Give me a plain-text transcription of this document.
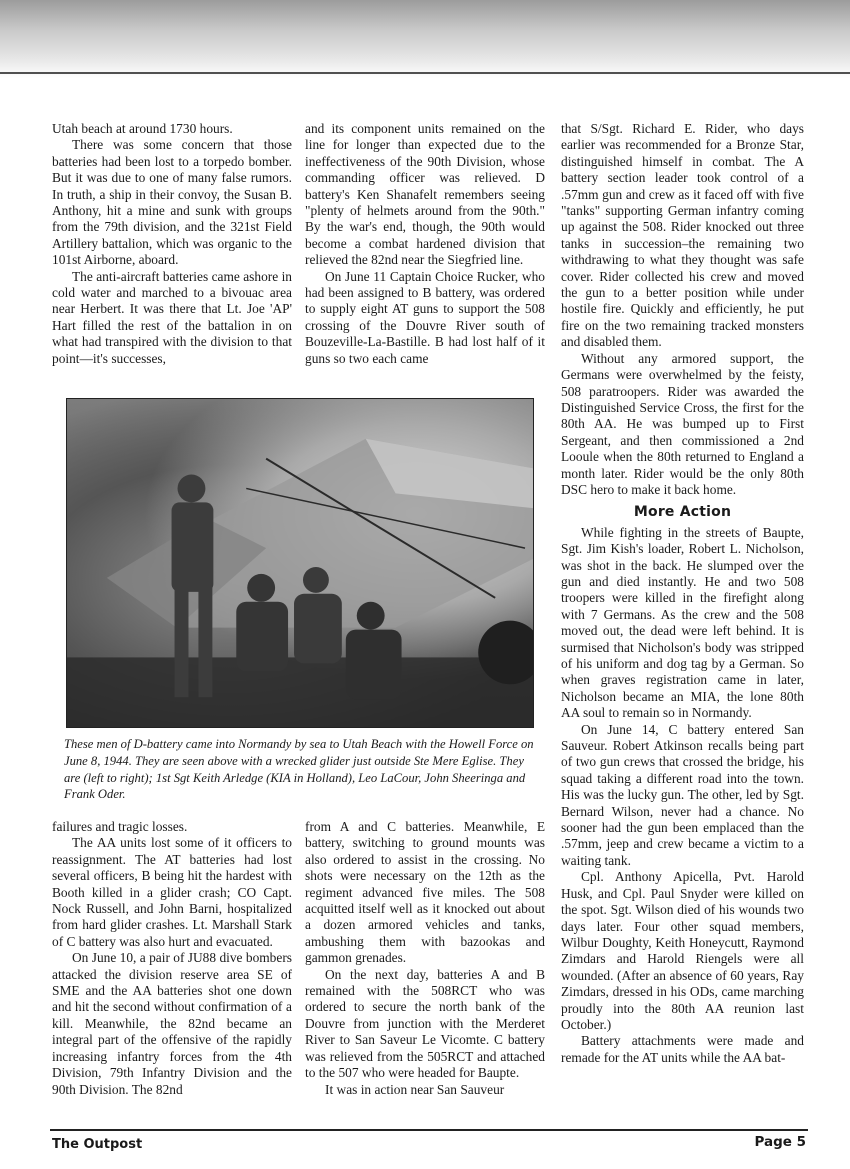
Utah beach at around 1730 hours.

There was some concern that those batteries had been lost to a torpedo bomber. But it was due to one of many false rumors. In truth, a ship in their convoy, the Susan B. Anthony, hit a mine and sunk with groups from the 79th division, and the 321st Field Artillery battalion, which was organic to the 101st Airborne, aboard.

The anti-aircraft batteries came ashore in cold water and marched to a bivouac area near Herbert. It was there that Lt. Joe 'AP' Hart filled the rest of the battalion in on what had transpired with the division to that point—it's successes,

and its component units remained on the line for longer than expected due to the ineffectiveness of the 90th Division, whose commanding officer was relieved. D battery's Ken Shanafelt remembers seeing "plenty of helmets around from the 90th." By the war's end, though, the 90th would become a combat hardened division that relieved the 82nd near the Siegfried line.

On June 11 Captain Choice Rucker, who had been assigned to B battery, was ordered to supply eight AT guns to support the 508 crossing of the Douvre River south of Bouzeville-La-Bastille. B had lost half of it guns so two each came

that S/Sgt. Richard E. Rider, who days earlier was recommended for a Bronze Star, distinguished himself in combat. The A battery section leader took control of a .57mm gun and crew as it faced off with five "tanks" supporting German infantry coming up against the 508. Rider knocked out three tanks in succession–the remaining two withdrawing to what they thought was safe cover. Rider collected his crew and moved the gun to a better position while under hostile fire. Quickly and efficiently, he put fire on the two remaining tracked monsters and disabled them.

Without any armored support, the Germans were overwhelmed by the feisty, 508 paratroopers. Rider was awarded the Distinguished Service Cross, the first for the 80th AA. He was bumped up to First Sergeant, and then commissioned a 2nd Looule when the 80th returned to England a month later. Rider would be the only 80th DSC hero to make it back home.

More Action

While fighting in the streets of Baupte, Sgt. Jim Kish's loader, Robert L. Nicholson, was shot in the back. He slumped over the gun and died instantly. He and two 508 troopers were killed in the firefight along with 7 Germans. As the crew and the 508 moved out, the dead were left behind. It is surmised that Nicholson's body was stripped of his uniform and dog tag by a German. So when graves registration came in later, Nicholson became an MIA, the lone 80th AA soul to remain so in Normandy.

On June 14, C battery entered San Sauveur. Robert Atkinson recalls being part of two gun crews that crossed the bridge, his squad taking a different road into the town. His was the lucky gun. The other, led by Sgt. Bernard Wilson, never had a chance. No sooner had the gun been emplaced than the .57mm, jeep and crew became a victim to a waiting tank.

Cpl. Anthony Apicella, Pvt. Harold Husk, and Cpl. Paul Snyder were killed on the spot. Sgt. Wilson died of his wounds two days later. Four other squad members, Wilbur Doughty, Keith Honeycutt, Raymond Zimdars and Harold Riengels were all wounded. (After an absence of 60 years, Ray Zimdars, dressed in his ODs, came marching proudly into the 80th AA reunion last October.)

Battery attachments were made and remade for the AT units while the AA bat-

These men of D-battery came into Normandy by sea to Utah Beach with the Howell Force on June 8, 1944. They are seen above with a wrecked glider just outside Ste Mere Eglise. They are (left to right); 1st Sgt Keith Arledge (KIA in Holland), Leo LaCour, John Sheeringa and Frank Oder.

failures and tragic losses.

The AA units lost some of it officers to reassignment. The AT batteries had lost several officers, B being hit the hardest with Booth killed in a glider crash; CO Capt. Nock Russell, and John Barni, hospitalized from hard glider crashes. Lt. Marshall Stark of C battery was also hurt and evacuated.

On June 10, a pair of JU88 dive bombers attacked the division reserve area SE of SME and the AA batteries shot one down and hit the second without confirmation of a kill. Meanwhile, the 82nd became an integral part of the offensive of the rapidly increasing infantry forces from the 4th Division, 79th Infantry Division and the 90th Division. The 82nd

from A and C batteries. Meanwhile, E battery, switching to ground mounts was also ordered to assist in the crossing. No shots were necessary on the 12th as the regiment advanced five miles. The 508 acquitted itself well as it knocked out about a dozen armored vehicles and tanks, ambushing them with bazookas and gammon grenades.

On the next day, batteries A and B remained with the 508RCT who was ordered to secure the north bank of the Douvre from junction with the Merderet River to San Saveur Le Vicomte. C battery was relieved from the 505RCT and attached to the 507 who were headed for Baupte.

It was in action near San Sauveur

The Outpost	Page 5
